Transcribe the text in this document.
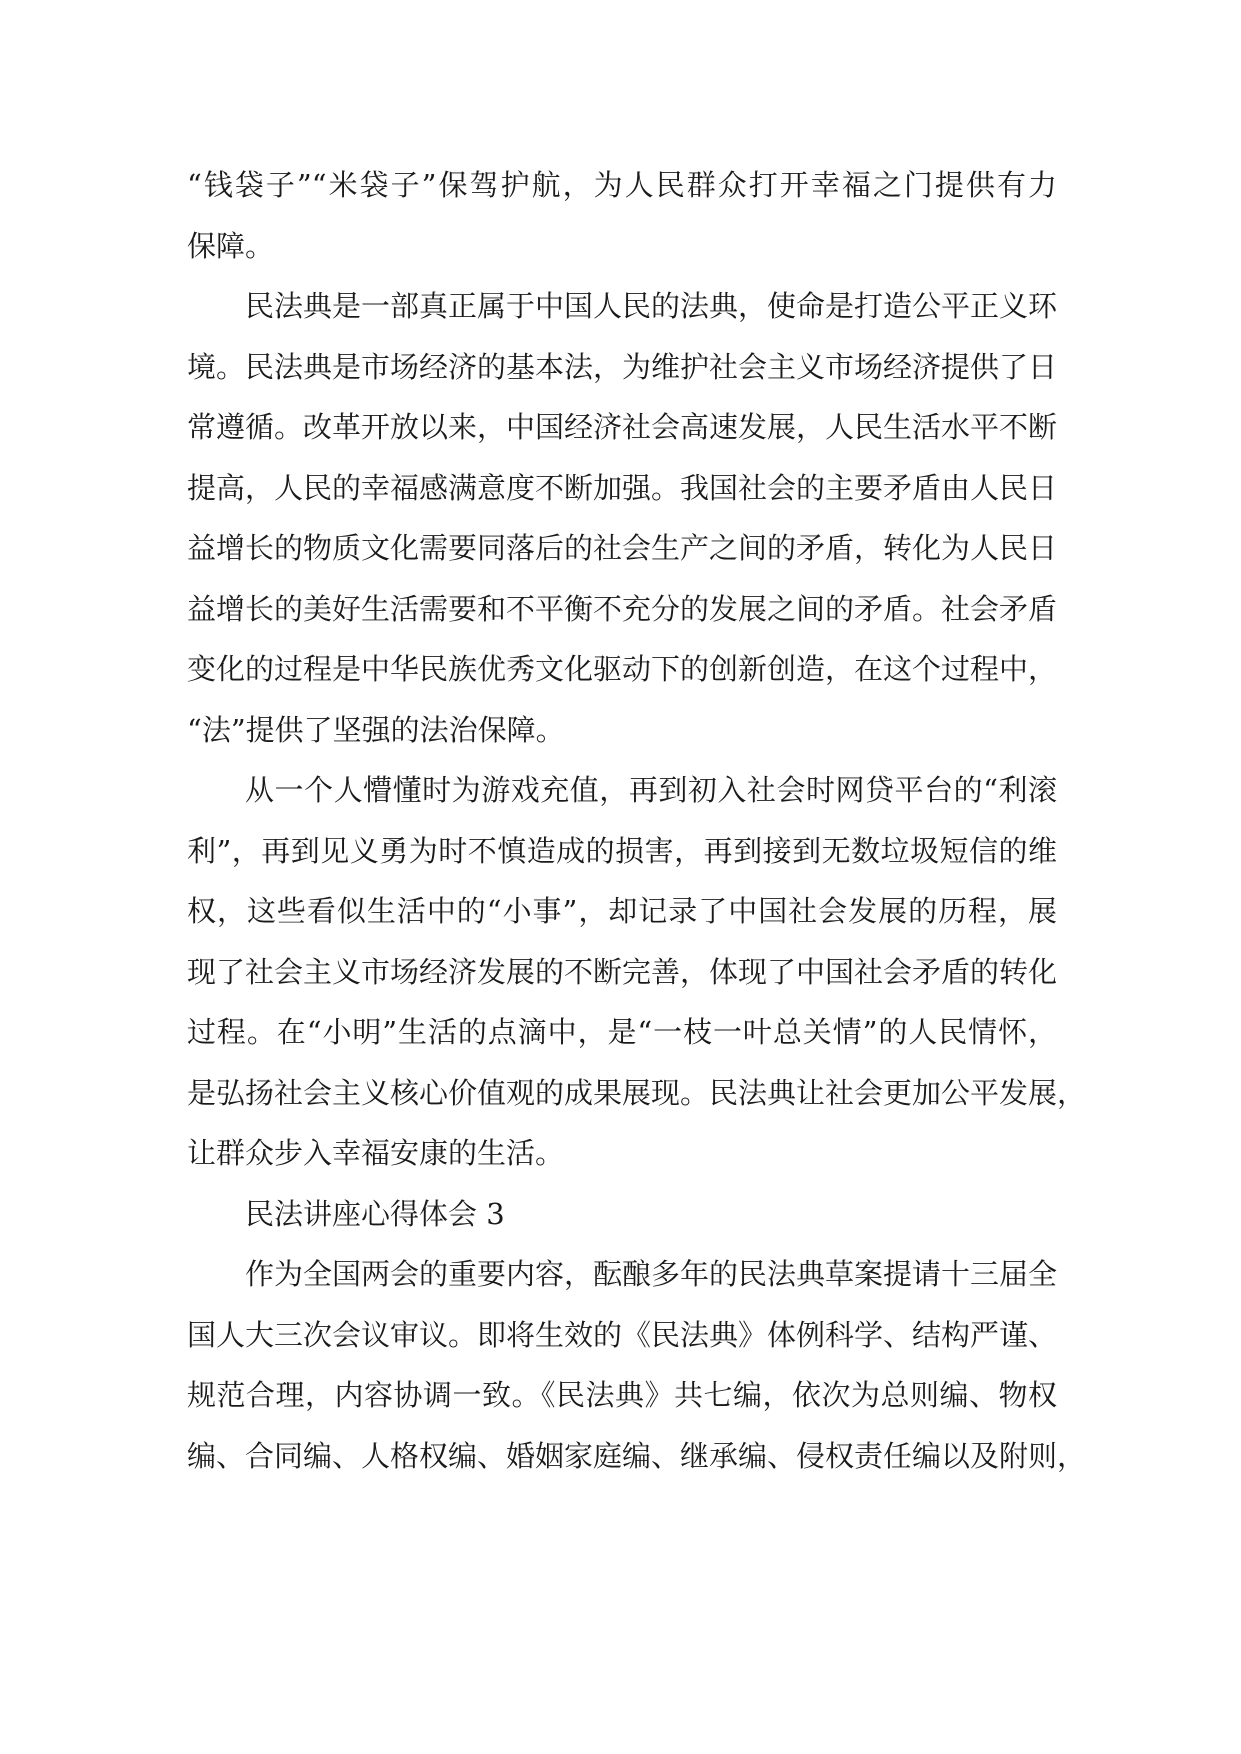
“钱袋子”“米袋子”保驾护航，为人民群众打开幸福之门提供有力
保障。
民法典是一部真正属于中国人民的法典，使命是打造公平正义环
境。民法典是市场经济的基本法，为维护社会主义市场经济提供了日
常遵循。改革开放以来，中国经济社会高速发展，人民生活水平不断
提高，人民的幸福感满意度不断加强。我国社会的主要矛盾由人民日
益增长的物质文化需要同落后的社会生产之间的矛盾，转化为人民日
益增长的美好生活需要和不平衡不充分的发展之间的矛盾。社会矛盾
变化的过程是中华民族优秀文化驱动下的创新创造，在这个过程中，
“法”提供了坚强的法治保障。
从一个人懵懂时为游戏充值，再到初入社会时网贷平台的“利滚
利”，再到见义勇为时不慎造成的损害，再到接到无数垃圾短信的维
权，这些看似生活中的“小事”，却记录了中国社会发展的历程，展
现了社会主义市场经济发展的不断完善，体现了中国社会矛盾的转化
过程。在“小明”生活的点滴中，是“一枝一叶总关情”的人民情怀，
是弘扬社会主义核心价值观的成果展现。民法典让社会更加公平发展，
让群众步入幸福安康的生活。
民法讲座心得体会 3
作为全国两会的重要内容，酝酿多年的民法典草案提请十三届全
国人大三次会议审议。即将生效的《民法典》体例科学、结构严谨、
规范合理，内容协调一致。《民法典》共七编，依次为总则编、物权
编、合同编、人格权编、婚姻家庭编、继承编、侵权责任编以及附则，
